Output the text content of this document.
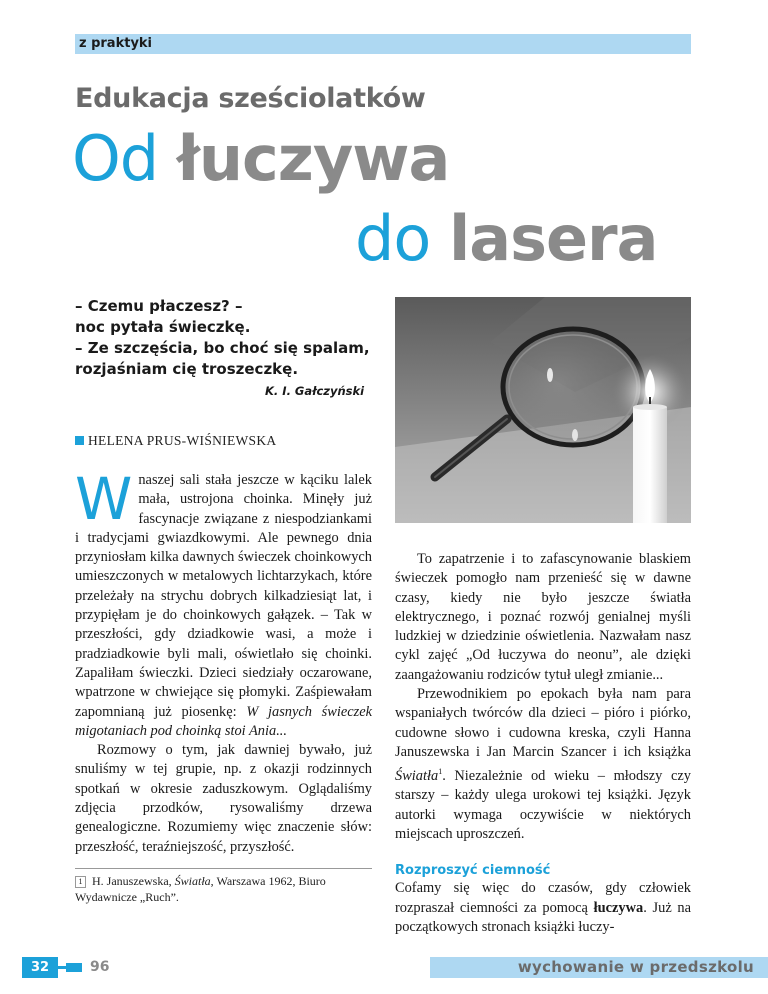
z praktyki
Edukacja sześciolatków
Od łuczywa
do lasera
– Czemu płaczesz? –
noc pytała świeczkę.
– Ze szczęścia, bo choć się spalam,
rozjaśniam cię troszeczkę.
K. I. Gałczyński
HELENA PRUS-WIŚNIEWSKA

W naszej sali stała jeszcze w kąciku lalek mała, ustrojona choinka. Minęły już fascynacje związane z niespodziankami i tradycjami gwiazdkowymi. Ale pewnego dnia przyniosłam kilka dawnych świeczek choinkowych umieszczonych w metalowych lichtarzykach, które przeleżały na strychu dobrych kilkadziesiąt lat, i przypięłam je do choinkowych gałązek. – Tak w przeszłości, gdy dziadkowie wasi, a może i pradziadkowie byli mali, oświetlało się choinki. Zapaliłam świeczki. Dzieci siedziały oczarowane, wpatrzone w chwiejące się płomyki. Zaśpiewałam zapomnianą już piosenkę: W jasnych świeczek migotaniach pod choinką stoi Ania...

Rozmowy o tym, jak dawniej bywało, już snuliśmy w tej grupie, np. z okazji rodzinnych spotkań w okresie zaduszkowym. Oglądaliśmy zdjęcia przodków, rysowaliśmy drzewa genealogiczne. Rozumiemy więc znaczenie słów: przeszłość, teraźniejszość, przyszłość.

1 H. Januszewska, Światła, Warszawa 1962, Biuro Wydawnicze „Ruch”.

To zapatrzenie i to zafascynowanie blaskiem świeczek pomogło nam przenieść się w dawne czasy, kiedy nie było jeszcze światła elektrycznego, i poznać rozwój genialnej myśli ludzkiej w dziedzinie oświetlenia. Nazwałam nasz cykl zajęć „Od łuczywa do neonu”, ale dzięki zaangażowaniu rodziców tytuł uległ zmianie...

Przewodnikiem po epokach była nam para wspaniałych twórców dla dzieci – pióro i piórko, cudowne słowo i cudowna kreska, czyli Hanna Januszewska i Jan Marcin Szancer i ich książka Światła$^1$. Niezależnie od wieku – młodszy czy starszy – każdy ulega urokowi tej książki. Język autorki wymaga oczywiście w niektórych miejscach uproszczeń.

Rozproszyć ciemność

Cofamy się więc do czasów, gdy człowiek rozpraszał ciemności za pomocą łuczywa. Już na początkowych stronach książki łuczy-

32	96	wychowanie w przedszkolu
